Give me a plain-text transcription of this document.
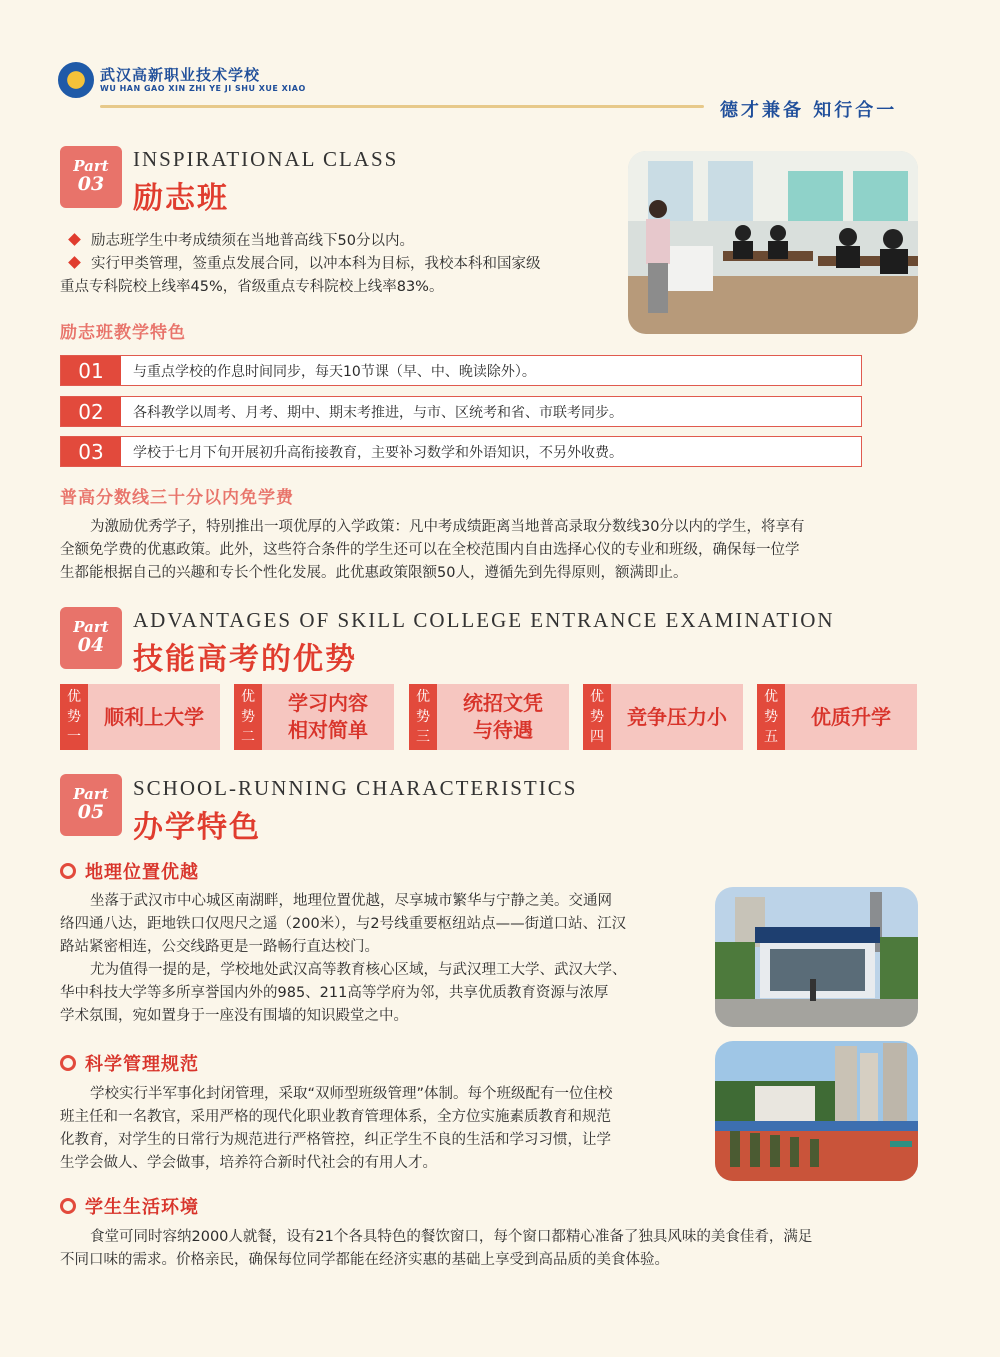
武汉高新职业技术学校
WU HAN GAO XIN ZHI YE JI SHU XUE XIAO
德才兼备 知行合一
Part
03
INSPIRATIONAL CLASS
励志班
励志班学生中考成绩须在当地普高线下50分以内。
实行甲类管理，签重点发展合同，以冲本科为目标，我校本科和国家级
重点专科院校上线率45%，省级重点专科院校上线率83%。
励志班教学特色
01	与重点学校的作息时间同步，每天10节课（早、中、晚读除外）。
02	各科教学以周考、月考、期中、期末考推进，与市、区统考和省、市联考同步。
03	学校于七月下旬开展初升高衔接教育，主要补习数学和外语知识，不另外收费。
普高分数线三十分以内免学费
为激励优秀学子，特别推出一项优厚的入学政策：凡中考成绩距离当地普高录取分数线30分以内的学生，将享有
全额免学费的优惠政策。此外，这些符合条件的学生还可以在全校范围内自由选择心仪的专业和班级，确保每一位学
生都能根据自己的兴趣和专长个性化发展。此优惠政策限额50人，遵循先到先得原则，额满即止。
Part
04
ADVANTAGES OF SKILL COLLEGE ENTRANCE EXAMINATION
技能高考的优势
优
势
一
顺利上大学
优
势
二
学习内容
相对简单
优
势
三
统招文凭
与待遇
优
势
四
竞争压力小
优
势
五
优质升学
Part
05
SCHOOL-RUNNING CHARACTERISTICS
办学特色
地理位置优越
坐落于武汉市中心城区南湖畔，地理位置优越，尽享城市繁华与宁静之美。交通网
络四通八达，距地铁口仅咫尺之遥（200米），与2号线重要枢纽站点——街道口站、江汉
路站紧密相连，公交线路更是一路畅行直达校门。
尤为值得一提的是，学校地处武汉高等教育核心区域，与武汉理工大学、武汉大学、
华中科技大学等多所享誉国内外的985、211高等学府为邻，共享优质教育资源与浓厚
学术氛围，宛如置身于一座没有围墙的知识殿堂之中。
科学管理规范
学校实行半军事化封闭管理，采取“双师型班级管理”体制。每个班级配有一位住校
班主任和一名教官，采用严格的现代化职业教育管理体系，全方位实施素质教育和规范
化教育，对学生的日常行为规范进行严格管控，纠正学生不良的生活和学习习惯，让学
生学会做人、学会做事，培养符合新时代社会的有用人才。
学生生活环境
食堂可同时容纳2000人就餐，设有21个各具特色的餐饮窗口，每个窗口都精心准备了独具风味的美食佳肴，满足
不同口味的需求。价格亲民，确保每位同学都能在经济实惠的基础上享受到高品质的美食体验。
